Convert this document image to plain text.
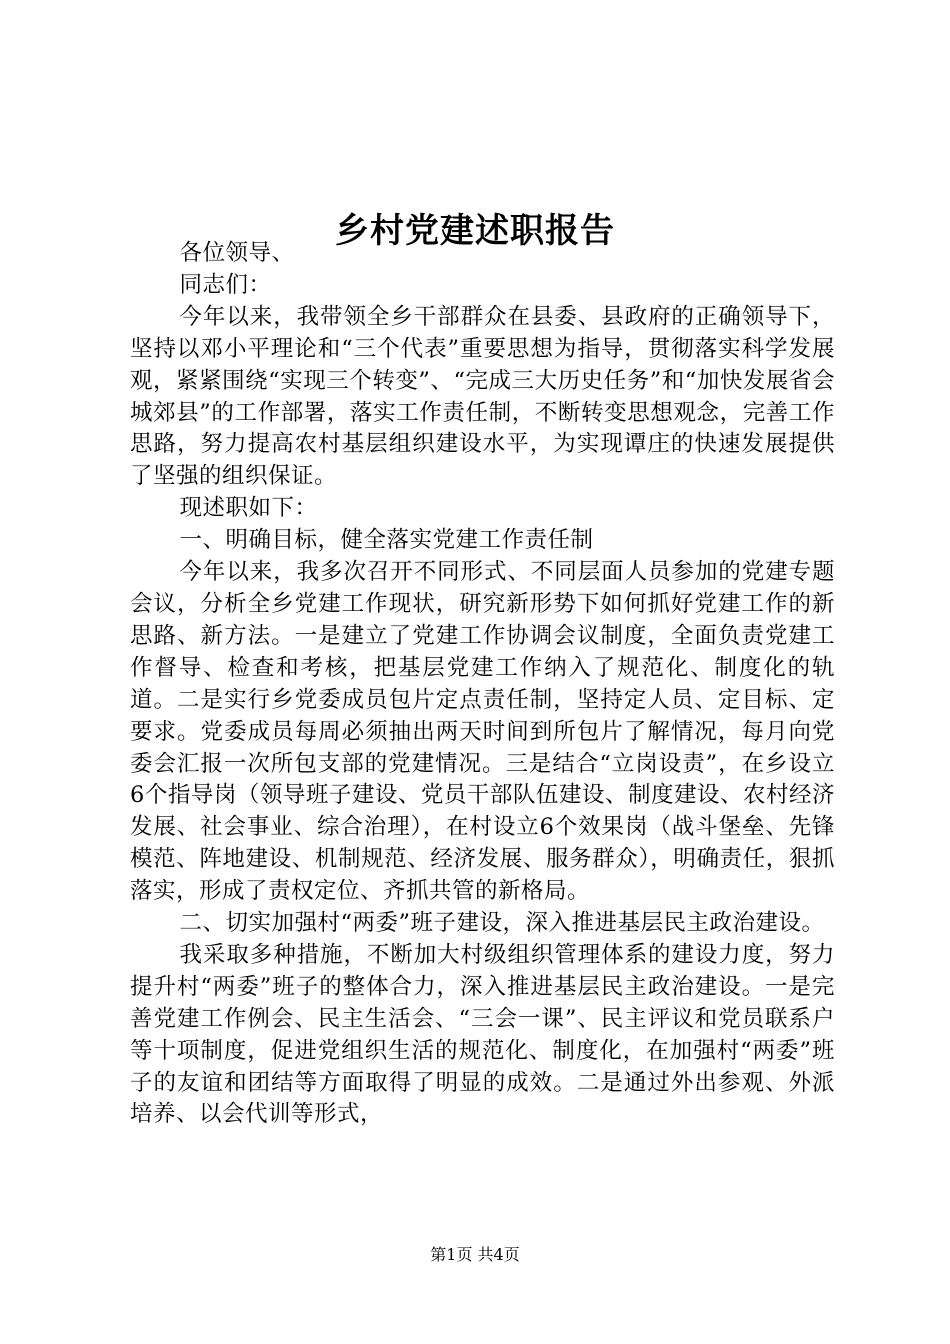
乡村党建述职报告

各位领导、

同志们：

今年以来，我带领全乡干部群众在县委、县政府的正确领导下，坚持以邓小平理论和“三个代表”重要思想为指导，贯彻落实科学发展观，紧紧围绕“实现三个转变”、“完成三大历史任务”和“加快发展省会城郊县”的工作部署，落实工作责任制，不断转变思想观念，完善工作思路，努力提高农村基层组织建设水平，为实现谭庄的快速发展提供了坚强的组织保证。

现述职如下：

一、明确目标，健全落实党建工作责任制

今年以来，我多次召开不同形式、不同层面人员参加的党建专题会议，分析全乡党建工作现状，研究新形势下如何抓好党建工作的新思路、新方法。一是建立了党建工作协调会议制度，全面负责党建工作督导、检查和考核，把基层党建工作纳入了规范化、制度化的轨道。二是实行乡党委成员包片定点责任制，坚持定人员、定目标、定要求。党委成员每周必须抽出两天时间到所包片了解情况，每月向党委会汇报一次所包支部的党建情况。三是结合“立岗设责”，在乡设立6个指导岗（领导班子建设、党员干部队伍建设、制度建设、农村经济发展、社会事业、综合治理），在村设立6个效果岗（战斗堡垒、先锋模范、阵地建设、机制规范、经济发展、服务群众），明确责任，狠抓落实，形成了责权定位、齐抓共管的新格局。

二、切实加强村“两委”班子建设，深入推进基层民主政治建设。

我采取多种措施，不断加大村级组织管理体系的建设力度，努力提升村“两委”班子的整体合力，深入推进基层民主政治建设。一是完善党建工作例会、民主生活会、“三会一课”、民主评议和党员联系户等十项制度，促进党组织生活的规范化、制度化，在加强村“两委”班子的友谊和团结等方面取得了明显的成效。二是通过外出参观、外派培养、以会代训等形式，

第1页 共4页
